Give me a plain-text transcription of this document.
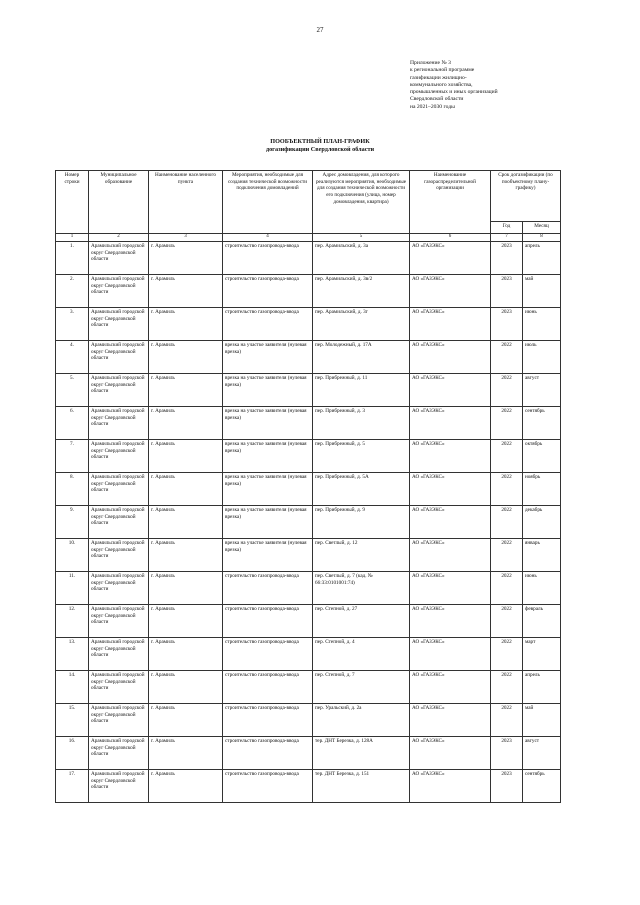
27
Приложение № 3
к региональной программе
газификации жилищно-
коммунального хозяйства,
промышленных и иных организаций
Свердловской области
на 2021–2030 годы
ПООБЪЕКТНЫЙ ПЛАН-ГРАФИК
догазификации Свердловской области
Номер строки	Муниципальное образование	Наименование населенного пункта	Мероприятия, необходимые для создания технической возможности подключения домовладений	Адрес домовладения, для которого реализуются мероприятия, необходимые для создания технической возможности его подключения (улица, номер домовладения, квартира)	Наименование газораспределительной организации	Срок догазификации (по пообъектному плану-графику)	
						Год	Месяц
1	2	3	4	5	6	7	8
1.	Арамильский городской округ Свердловской области	г. Арамиль	строительство газопровода-ввода	пер. Арамильский, д. 3а	АО «ГАЗЭКС»	2023	апрель
2.	Арамильский городской округ Свердловской области	г. Арамиль	строительство газопровода-ввода	пер. Арамильский, д. 3в/2	АО «ГАЗЭКС»	2023	май
3.	Арамильский городской округ Свердловской области	г. Арамиль	строительство газопровода-ввода	пер. Арамильский, д. 3г	АО «ГАЗЭКС»	2023	июнь
4.	Арамильский городской округ Свердловской области	г. Арамиль	врезка на участке заявителя (нулевая врезка)	пер. Молодежный, д. 17А	АО «ГАЗЭКС»	2022	июль
5.	Арамильский городской округ Свердловской области	г. Арамиль	врезка на участке заявителя (нулевая врезка)	пер. Прибрежный, д. 11	АО «ГАЗЭКС»	2022	август
6.	Арамильский городской округ Свердловской области	г. Арамиль	врезка на участке заявителя (нулевая врезка)	пер. Прибрежный, д. 3	АО «ГАЗЭКС»	2022	сентябрь
7.	Арамильский городской округ Свердловской области	г. Арамиль	врезка на участке заявителя (нулевая врезка)	пер. Прибрежный, д. 5	АО «ГАЗЭКС»	2022	октябрь
8.	Арамильский городской округ Свердловской области	г. Арамиль	врезка на участке заявителя (нулевая врезка)	пер. Прибрежный, д. 5А	АО «ГАЗЭКС»	2022	ноябрь
9.	Арамильский городской округ Свердловской области	г. Арамиль	врезка на участке заявителя (нулевая врезка)	пер. Прибрежный, д. 9	АО «ГАЗЭКС»	2022	декабрь
10.	Арамильский городской округ Свердловской области	г. Арамиль	врезка на участке заявителя (нулевая врезка)	пер. Светлый, д. 12	АО «ГАЗЭКС»	2022	январь
11.	Арамильский городской округ Свердловской области	г. Арамиль	строительство газопровода-ввода	пер. Светлый, д. 7 (кад. № 66:33:0101001:74)	АО «ГАЗЭКС»	2022	июнь
12.	Арамильский городской округ Свердловской области	г. Арамиль	строительство газопровода-ввода	пер. Степной, д. 27	АО «ГАЗЭКС»	2022	февраль
13.	Арамильский городской округ Свердловской области	г. Арамиль	строительство газопровода-ввода	пер. Степной, д. 4	АО «ГАЗЭКС»	2022	март
14.	Арамильский городской округ Свердловской области	г. Арамиль	строительство газопровода-ввода	пер. Степной, д. 7	АО «ГАЗЭКС»	2022	апрель
15.	Арамильский городской округ Свердловской области	г. Арамиль	строительство газопровода-ввода	пер. Уральский, д. 2а	АО «ГАЗЭКС»	2022	май
16.	Арамильский городской округ Свердловской области	г. Арамиль	строительство газопровода-ввода	тер. ДНТ Березка, д. 128А	АО «ГАЗЭКС»	2023	август
17.	Арамильский городской округ Свердловской области	г. Арамиль	строительство газопровода-ввода	тер. ДНТ Березка, д. 151	АО «ГАЗЭКС»	2023	сентябрь
